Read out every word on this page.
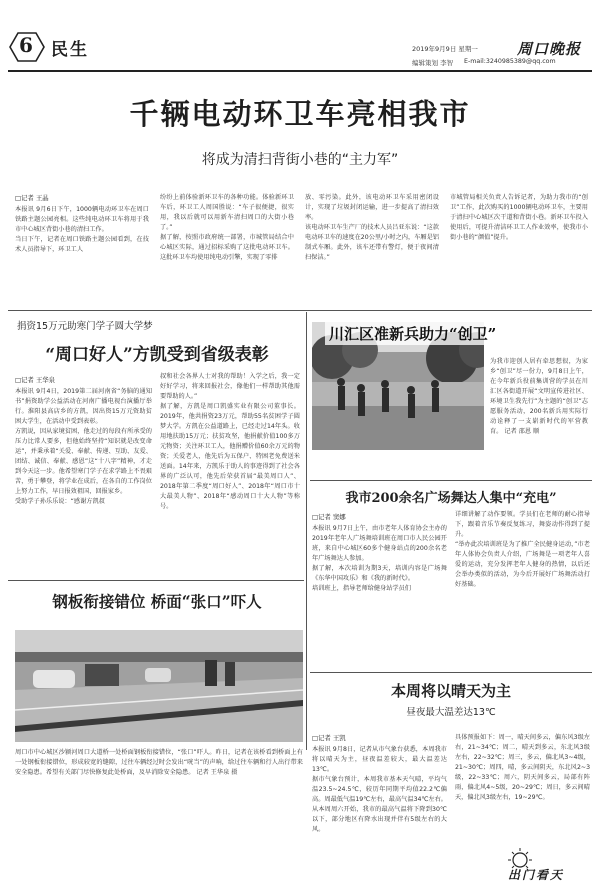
6	民生	2019年9月9日 星期一	周口晚报
编辑策划 李智 E-mail:3240985389@qq.com
千辆电动环卫车亮相我市
将成为清扫背街小巷的“主力军”
□记者 王晶
本报讯 9月6日下午，1000辆电动环卫车在周口铁路主题公园亮相。这些纯电动环卫车将用于我市中心城区背街小巷的清扫工作。
当日下午，记者在周口铁路主题公园看到，在技术人员指导下，环卫工人
纷纷上前体验新环卫车的各种功能。体验新环卫车后，环卫工人周国胜说：“车子很便捷，很实用，我以后就可以用新车清扫周口的大街小巷了。”
据了解，按照市政府统一部署，市城管局结合中心城区实际，通过招标采购了这批电动环卫车。这批环卫车均使用纯电动引擎，实现了零排
放、零污染。此外，该电动环卫车采用密闭设计，实现了垃圾封闭运输，进一步提高了清扫效率。
该电动环卫车生产厂的技术人员吕亚东说：“这款电动环卫车的速度在20公里/小时之内，车厢是铝制式车厢。此外，该车还带有警灯，便于夜间清扫保洁。”
市城管局相关负责人告诉记者，为助力我市的“创卫”工作，此次购买的1000辆电动环卫车，主要用于清扫中心城区次干道和背街小巷。新环卫车投入使用后，可提升清洁环卫工人作业效率，使我市小街小巷的“颜值”提升。
捐资15万元助寒门学子圆大学梦
“周口好人”方凯受到省级表彰
□记者 王华泉
本报讯 9月4日，2019第二届河南省“务脑的通知书”捐资助学公益活动在河南广播电视台演播厅举行。淮阳县高店乡的方凯，因出资15万元资助贫困大学生，在活动中受到表彰。
方凯说，因从家境贫困，他走过的每段有所承受的压力比常人要多，但他始终坚持“知识就是改变命运”，并秉承着“关爱、奉献、传递、互助、友爱、团结、诚信、奉献、感恩”这“十八字”精神，才走到今天这一步。他希望寒门学子在求学路上不畏艰苦，勇于攀登，将学业在成后，在各自的工作岗位上努力工作，早日报效祖国，回报家乡。
受助学子孙乐乐说：“感谢方凯叔
叔和社会各界人士对我的帮助！入学之后，我一定好好学习，将来回报社会，像他们一样帮助其他需要帮助的人。”
据了解，方凯是周口凯盛实业有限公司董事长。2019年，他共捐资23万元，帮助55名贫困学子圆梦大学。方凯在公益道路上，已经走过14年头。收用地扶助15万元；扶贫攻坚，他捐献价值100多万元物资；关注环卫工人，他捐赠价值60余万元的物资；关爱老人，他先后为五保户、特困老免费送米送面。14年来，方凯乐于助人的事迹得到了社会各界的广泛认可，他先后荣获首届“最美周口人”、2018年第二季度“周口好人”、2018年“周口市十大最美人物”、2018年“感动周口十大人物”等称号。
川汇区准新兵助力“创卫”
为我市迎创人居有牵思想很，为家乡“创卫”尽一份力，9月8日上午，在今年新兵役前集训营的学员在川汇区各街道开展“文明宣传进社区、环境卫生我先行”为主题的“创卫”志愿服务活动，200名新兵用实际行动诠释了一支崭新时代的军营教育。 记者 邵恩 顺
我市200余名广场舞达人集中“充电”
□记者 窦娜
本报讯 9月7日上午，由市老年人体育协会主办的2019年老年人广场舞培训班在周口市人民公园开班，来自中心城区60多个健身站点的200余名老年广场舞达人参加。
据了解，本次培训为期3天，培训内容是广场舞《东华中国攻乐》和《我的新时代》。
培训班上，指导老师给健身站学员们
详细讲解了动作要领。学员们在老师的耐心指导下，跟着音乐节奏反复练习，舞姿动作得到了提升。
“举办此次培训班是为了推广全民健身运动，”市老年人体协会负责人介绍，广场舞是一项老年人喜爱的运动，充分发挥老年人健身的热情，以后还会举办类似的活动，为今后开展好广场舞活动打好基础。
钢板衔接错位 桥面“张口”吓人
周口市中心城区沙颍河周口大道桥一处桥面钢板衔接错位，“张口”吓人。昨日，记者在该桥看到桥面上有一处钢板衔接错位，形成较宽的缝隙，过往车辆经过时会发出“咣当”的声响，给过往车辆和行人出行带来安全隐患。希望有关部门尽快修复此处桥面，及早消除安全隐患。 记者 王华泉 摄
本周将以晴天为主
昼夜最大温差达13℃
□记者 王凯
本报讯 9月8日，记者从市气象台获悉，本周我市将以晴天为主，昼夜温差较大，最大温差达13℃。
据市气象台预计，本周我市基本天气晴，平均气温23.5~24.5℃，较历年同期平均值22.2℃偏高。周最低气温19℃左右，最高气温34℃左右。从本周周六开始，我市的最高气温将下降到30℃以下，部分地区有降水出现并伴有5级左右的大风。
具体预报如下：周一，晴天间多云，偏东风3级左右，21~34℃；周二，晴天到多云，东北风3级左右，22~32℃；周三，多云，偏北风3~4级，21~30℃；周四，晴，多云间阴天，东北风2~3级，22~33℃；周六，阴天间多云，局部有阵雨，偏北风4~5级，20~29℃；周日，多云间晴天，偏北风3级左右，19~29℃。
出门看天
